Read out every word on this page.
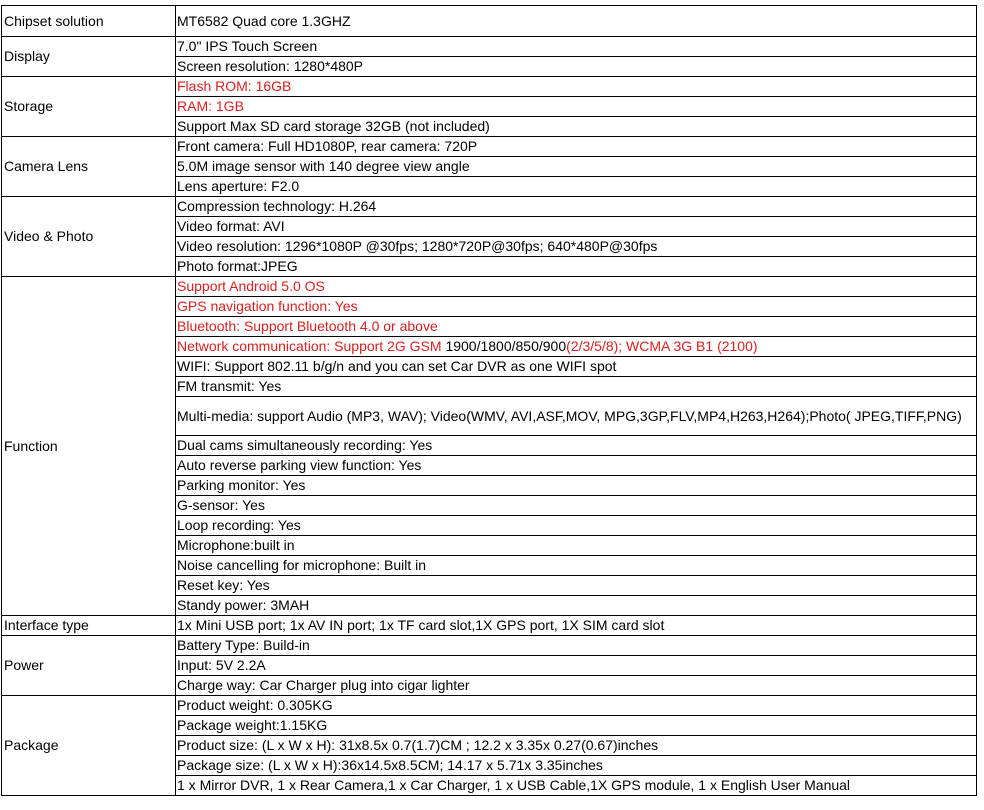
Chipset solution	MT6582 Quad core 1.3GHZ
Display	7.0" IPS Touch Screen
	Screen resolution: 1280*480P
Storage	Flash ROM: 16GB
	RAM: 1GB
	Support Max SD card storage 32GB (not included)
Camera Lens	Front camera: Full HD1080P, rear camera: 720P
	5.0M image sensor with 140 degree view angle
	Lens aperture: F2.0
Video & Photo	Compression technology: H.264
	Video format: AVI
	Video resolution: 1296*1080P @30fps; 1280*720P@30fps; 640*480P@30fps
	Photo format:JPEG
Function	Support Android 5.0 OS
	GPS navigation function: Yes
	Bluetooth: Support Bluetooth 4.0 or above
	Network communication: Support 2G GSM 1900/1800/850/900(2/3/5/8); WCMA 3G B1 (2100)
	WIFI: Support 802.11 b/g/n and you can set Car DVR as one WIFI spot
	FM transmit: Yes
	Multi-media: support Audio (MP3, WAV); Video(WMV, AVI,ASF,MOV, MPG,3GP,FLV,MP4,H263,H264);Photo( JPEG,TIFF,PNG)
	Dual cams simultaneously recording: Yes
	Auto reverse parking view function: Yes
	Parking monitor: Yes
	G-sensor: Yes
	Loop recording: Yes
	Microphone:built in
	Noise cancelling for microphone: Built in
	Reset key: Yes
	Standy power: 3MAH
Interface type	1x Mini USB port; 1x AV IN port; 1x TF card slot,1X GPS port, 1X SIM card slot
Power	Battery Type: Build-in
	Input: 5V 2.2A
	Charge way: Car Charger plug into cigar lighter
Package	Product weight: 0.305KG
	Package weight:1.15KG
	Product size: (L x W x H): 31x8.5x 0.7(1.7)CM ; 12.2 x 3.35x 0.27(0.67)inches
	Package size: (L x W x H):36x14.5x8.5CM; 14.17 x 5.71x 3.35inches
	1 x Mirror DVR, 1 x Rear Camera,1 x Car Charger, 1 x USB Cable,1X GPS module, 1 x English User Manual
